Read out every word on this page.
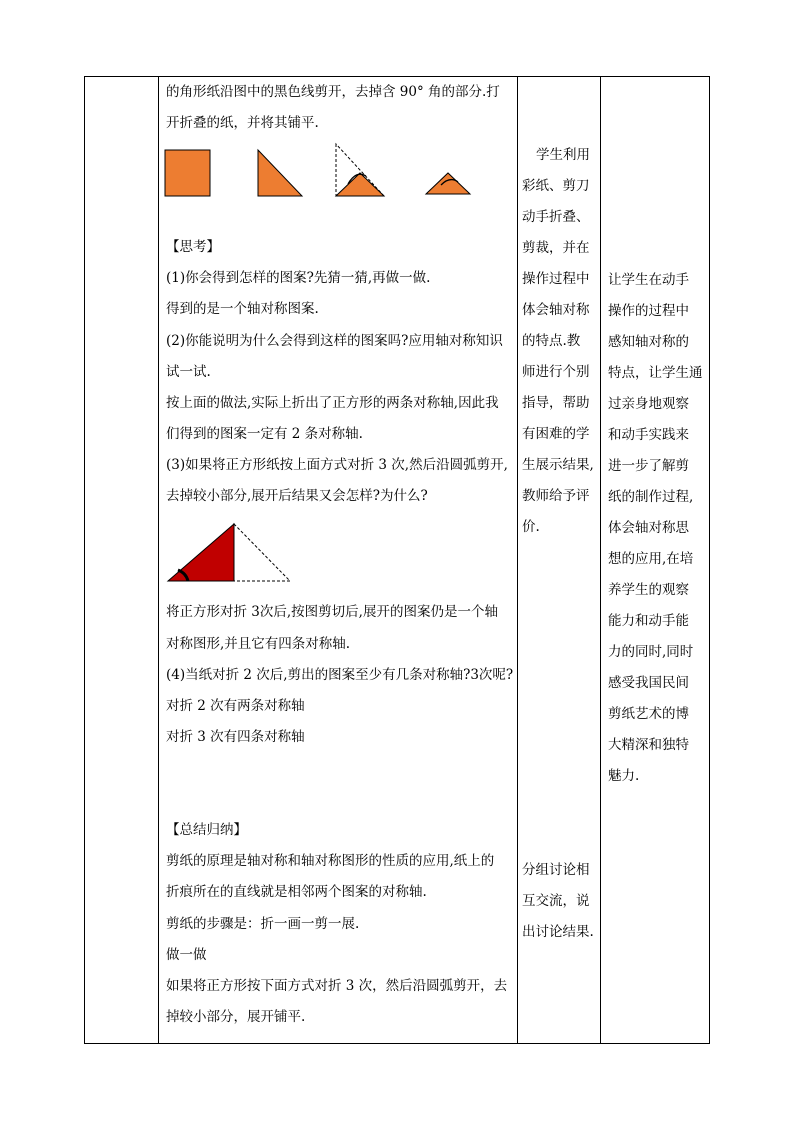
的角形纸沿图中的黑色线剪开，去掉含 90° 角的部分.打
开折叠的纸，并将其铺平.
【思考】
(1)你会得到怎样的图案?先猜一猜,再做一做.
得到的是一个轴对称图案.
(2)你能说明为什么会得到这样的图案吗?应用轴对称知识
试一试.
按上面的做法,实际上折出了正方形的两条对称轴,因此我
们得到的图案一定有 2 条对称轴.
(3)如果将正方形纸按上面方式对折 3 次,然后沿圆弧剪开,
去掉较小部分,展开后结果又会怎样?为什么?
将正方形对折 3次后,按图剪切后,展开的图案仍是一个轴
对称图形,并且它有四条对称轴.
(4)当纸对折 2 次后,剪出的图案至少有几条对称轴?3次呢?
对折 2 次有两条对称轴
对折 3 次有四条对称轴
【总结归纳】
剪纸的原理是轴对称和轴对称图形的性质的应用,纸上的
折痕所在的直线就是相邻两个图案的对称轴.
剪纸的步骤是：折一画一剪一展.
做一做
如果将正方形按下面方式对折 3 次，然后沿圆弧剪开，去
掉较小部分，展开铺平.
学生利用
彩纸、剪刀
动手折叠、
剪裁，并在
操作过程中
体会轴对称
的特点.教
师进行个别
指导，帮助
有困难的学
生展示结果,
教师给予评
价.
分组讨论相
互交流，说
出讨论结果.
让学生在动手
操作的过程中
感知轴对称的
特点，让学生通
过亲身地观察
和动手实践来
进一步了解剪
纸的制作过程,
体会轴对称思
想的应用,在培
养学生的观察
能力和动手能
力的同时,同时
感受我国民间
剪纸艺术的博
大精深和独特
魅力.
